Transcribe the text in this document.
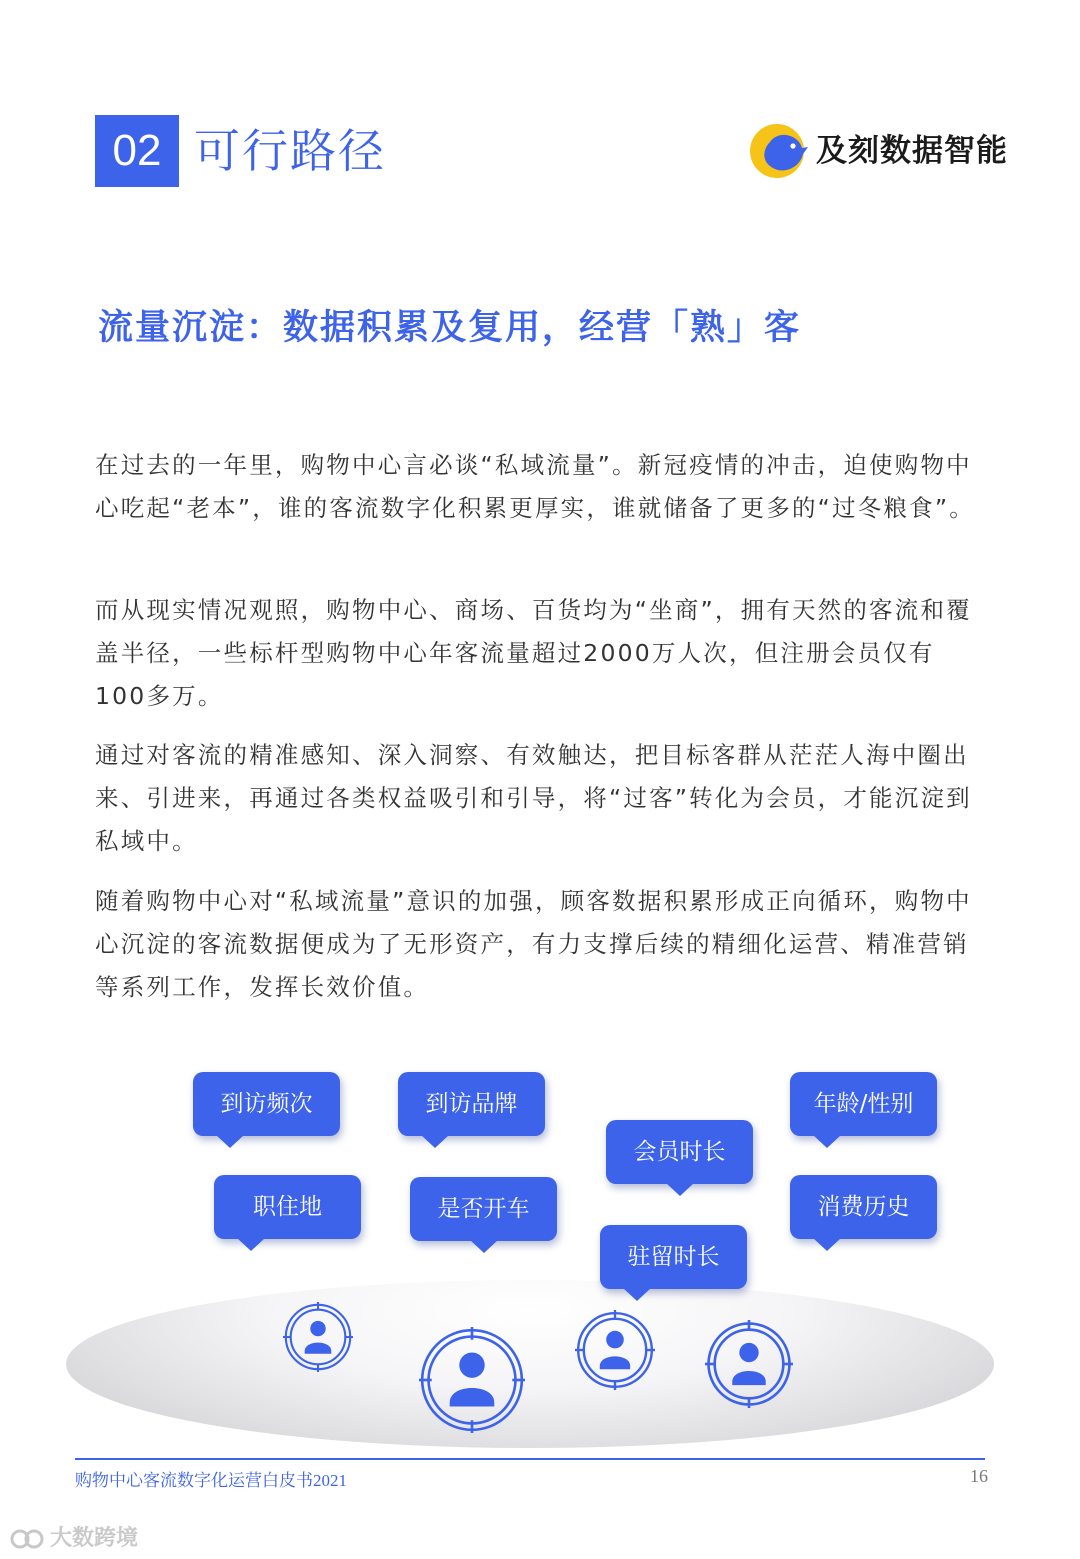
02 可行路径	及刻数据智能
流量沉淀：数据积累及复用，经营「熟」客

在过去的一年里，购物中心言必谈“私域流量”。新冠疫情的冲击，迫使购物中心吃起“老本”，谁的客流数字化积累更厚实，谁就储备了更多的“过冬粮食”。

而从现实情况观照，购物中心、商场、百货均为“坐商”，拥有天然的客流和覆盖半径，一些标杆型购物中心年客流量超过2000万人次，但注册会员仅有100多万。

通过对客流的精准感知、深入洞察、有效触达，把目标客群从茫茫人海中圈出来、引进来，再通过各类权益吸引和引导，将“过客”转化为会员，才能沉淀到私域中。

随着购物中心对“私域流量”意识的加强，顾客数据积累形成正向循环，购物中心沉淀的客流数据便成为了无形资产，有力支撑后续的精细化运营、精准营销等系列工作，发挥长效价值。

到访频次	到访品牌
会员时长
年龄/性别
职住地	是否开车	消费历史
驻留时长
购物中心客流数字化运营白皮书2021	16
大数跨境
